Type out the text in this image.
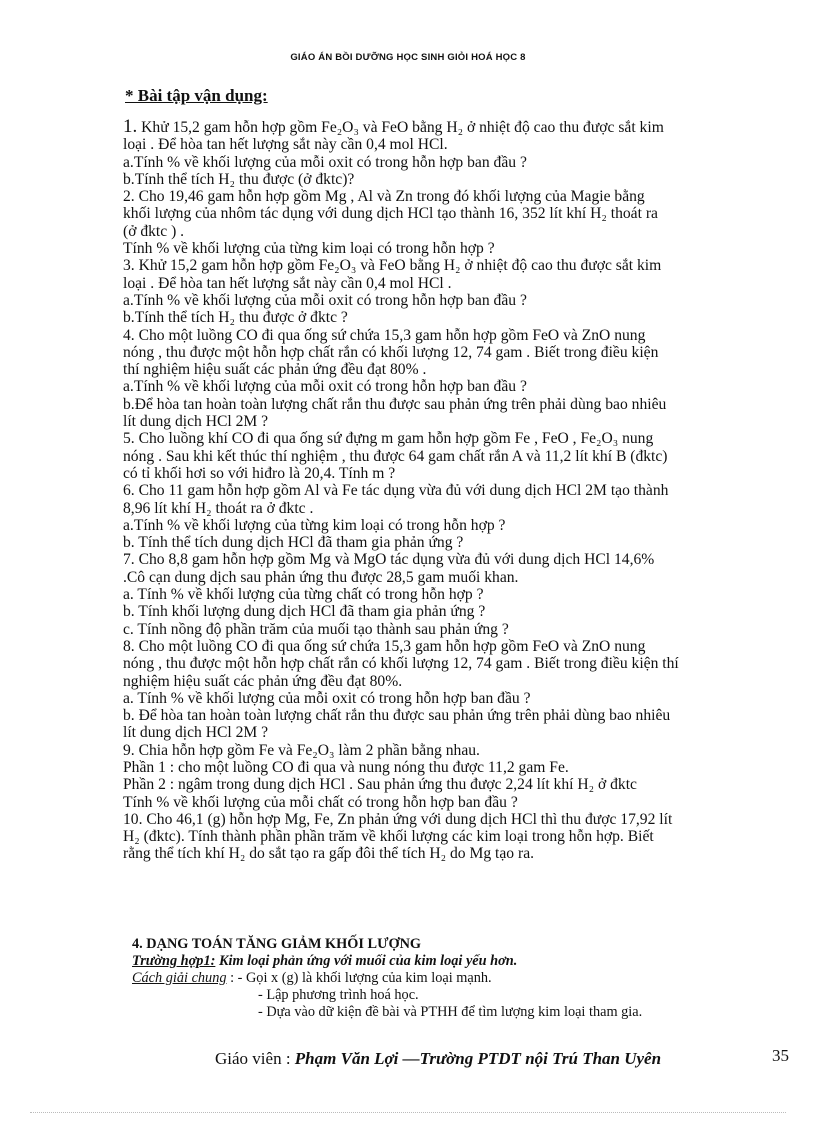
GIÁO ÁN BỒI DƯỠNG HỌC SINH GIỎI HOÁ HỌC 8
* Bài tập vận dụng:

1. Khử 15,2 gam hỗn hợp gồm Fe₂O₃ và FeO bằng H₂ ở nhiệt độ cao thu được sắt kim

loại . Để hòa tan hết lượng sắt này cần 0,4 mol HCl.

a.Tính % về khối lượng của mỗi oxit có trong hỗn hợp ban đầu ?

b.Tính thể tích H₂ thu được (ở đktc)?

2. Cho 19,46 gam hỗn hợp gồm Mg , Al và Zn trong đó khối lượng của Magie bằng

khối lượng của nhôm tác dụng với dung dịch HCl tạo thành 16, 352 lít khí H₂ thoát ra

(ở đktc ) .

Tính % về khối lượng của từng kim loại có trong hỗn hợp ?

3. Khử 15,2 gam hỗn hợp gồm Fe₂O₃ và FeO bằng H₂ ở nhiệt độ cao thu được sắt kim

loại . Để hòa tan hết lượng sắt này cần 0,4 mol HCl .

a.Tính % về khối lượng của mỗi oxit có trong hỗn hợp ban đầu ?

b.Tính thể tích H₂ thu được ở đktc ?

4. Cho một luồng CO đi qua ống sứ chứa 15,3 gam hỗn hợp gồm FeO và ZnO nung

nóng , thu được một hỗn hợp chất rắn có khối lượng 12, 74 gam . Biết trong điều kiện

thí nghiệm hiệu suất các phản ứng đều đạt 80% .

a.Tính % về khối lượng của mỗi oxit có trong hỗn hợp ban đầu ?

b.Để hòa tan hoàn toàn lượng chất rắn thu được sau phản ứng trên phải dùng bao nhiêu

lít dung dịch HCl 2M ?

5. Cho luồng khí CO đi qua ống sứ đựng m gam hỗn hợp gồm Fe , FeO , Fe₂O₃ nung

nóng . Sau khi kết thúc thí nghiệm , thu được 64 gam chất rắn A và 11,2 lít khí B (đktc)

có tỉ khối hơi so với hiđro là 20,4. Tính m ?

6. Cho 11 gam hỗn hợp gồm Al và Fe tác dụng vừa đủ với dung dịch HCl 2M tạo thành

8,96 lít khí H₂ thoát ra ở đktc .

a.Tính % về khối lượng của từng kim loại có trong hỗn hợp ?

b. Tính thể tích dung dịch HCl đã tham gia phản ứng ?

7. Cho 8,8 gam hỗn hợp gồm Mg và MgO tác dụng vừa đủ với dung dịch HCl 14,6%

.Cô cạn dung dịch sau phản ứng thu được 28,5 gam muối khan.

a. Tính % về khối lượng của từng chất có trong hỗn hợp ?

b. Tính khối lượng dung dịch HCl đã tham gia phản ứng ?

c. Tính nồng độ phần trăm của muối tạo thành sau phản ứng ?

8. Cho một luồng CO đi qua ống sứ chứa 15,3 gam hỗn hợp gồm FeO và ZnO nung

nóng , thu được một hỗn hợp chất rắn có khối lượng 12, 74 gam . Biết trong điều kiện thí

nghiệm hiệu suất các phản ứng đều đạt 80%.

a. Tính % về khối lượng của mỗi oxit có trong hỗn hợp ban đầu ?

b. Để hòa tan hoàn toàn lượng chất rắn thu được sau phản ứng trên phải dùng bao nhiêu

lít dung dịch HCl 2M ?

9. Chia hỗn hợp gồm Fe và Fe₂O₃ làm 2 phần bằng nhau.

Phần 1 : cho một luồng CO đi qua và nung nóng thu được 11,2 gam Fe.

Phần 2 : ngâm trong dung dịch HCl . Sau phản ứng thu được 2,24 lít khí H₂ ở đktc

Tính % về khối lượng của mỗi chất có trong hỗn hợp ban đầu ?

10. Cho 46,1 (g) hỗn hợp Mg, Fe, Zn phản ứng với dung dịch HCl thì thu được 17,92 lít

H₂ (đktc). Tính thành phần phần trăm về khối lượng các kim loại trong hỗn hợp. Biết

rằng thể tích khí H₂ do sắt tạo ra gấp đôi thể tích H₂ do Mg tạo ra.

4. DẠNG TOÁN TĂNG GIẢM KHỐI LƯỢNG
Trường hợp1: Kim loại phản ứng với muối của kim loại yếu hơn.
Cách giải chung : - Gọi x (g) là khối lượng của kim loại mạnh.
- Lập phương trình hoá học.
- Dựa vào dữ kiện đề bài và PTHH để tìm lượng kim loại tham gia.
Giáo viên : Phạm Văn Lợi —Trường PTDT nội Trú Than Uyên	35
